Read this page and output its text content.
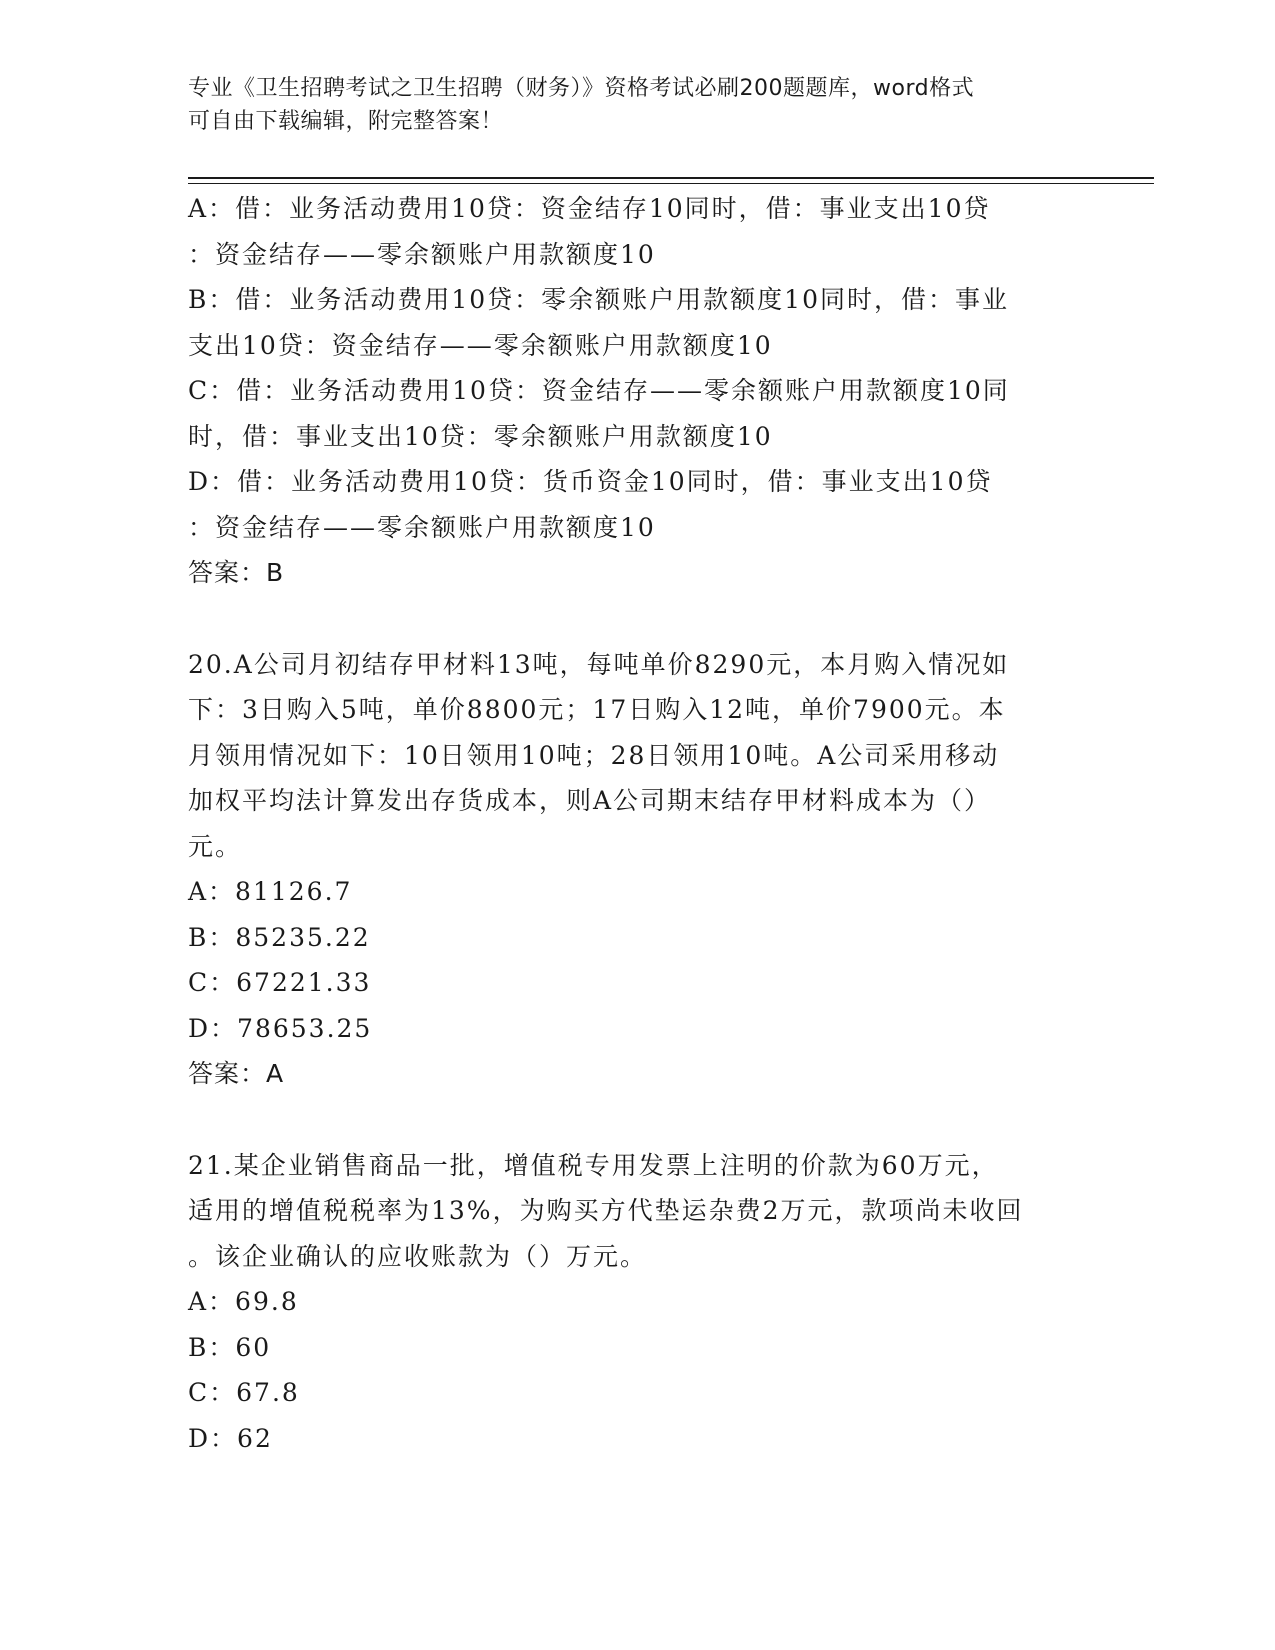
专业《卫生招聘考试之卫生招聘（财务）》资格考试必刷200题题库，word格式
可自由下载编辑，附完整答案！
A：借：业务活动费用10贷：资金结存10同时，借：事业支出10贷
：资金结存——零余额账户用款额度10
B：借：业务活动费用10贷：零余额账户用款额度10同时，借：事业
支出10贷：资金结存——零余额账户用款额度10
C：借：业务活动费用10贷：资金结存——零余额账户用款额度10同
时，借：事业支出10贷：零余额账户用款额度10
D：借：业务活动费用10贷：货币资金10同时，借：事业支出10贷
：资金结存——零余额账户用款额度10
答案：B
20.A公司月初结存甲材料13吨，每吨单价8290元，本月购入情况如
下：3日购入5吨，单价8800元；17日购入12吨，单价7900元。本
月领用情况如下：10日领用10吨；28日领用10吨。A公司采用移动
加权平均法计算发出存货成本，则A公司期末结存甲材料成本为（）
元。
A：81126.7
B：85235.22
C：67221.33
D：78653.25
答案：A
21.某企业销售商品一批，增值税专用发票上注明的价款为60万元，
适用的增值税税率为13%，为购买方代垫运杂费2万元，款项尚未收回
。该企业确认的应收账款为（）万元。
A：69.8
B：60
C：67.8
D：62
